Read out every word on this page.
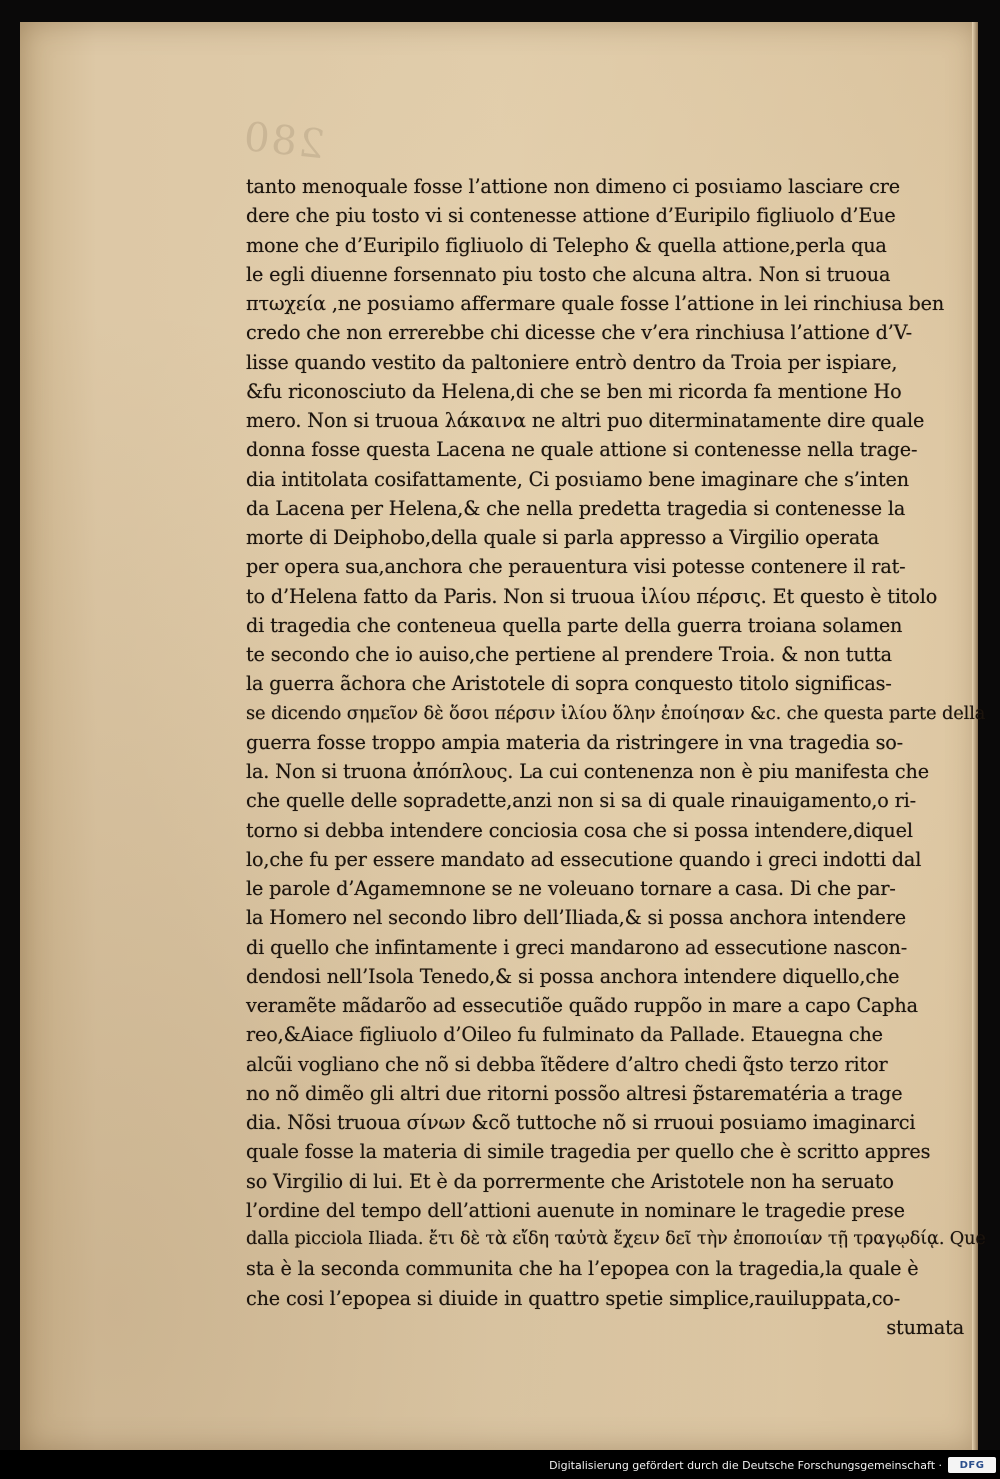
280
tanto menoquale fosse l’attione non dimeno ci posɩiamo lasciare cre
dere che piu tosto vi si contenesse attione d’Euripilo figliuolo d’Eue
mone che d’Euripilo figliuolo di Telepho & quella attione,perla qua
le egli diuenne forsennato piu tosto che alcuna altra. Non si truoua
πτωχεία ,ne posɩiamo affermare quale fosse l’attione in lei rinchiusa ben
credo che non errerebbe chi dicesse che v’era rinchiusa l’attione d’V-
lisse quando vestito da paltoniere entrò dentro da Troia per ispiare,
&fu riconosciuto da Helena,di che se ben mi ricorda fa mentione Ho
mero. Non si truoua λάκαινα ne altri puo diterminatamente dire quale
donna fosse questa Lacena ne quale attione si contenesse nella trage-
dia intitolata cosifattamente, Ci posɩiamo bene imaginare che s’inten
da Lacena per Helena,& che nella predetta tragedia si contenesse la
morte di Deiphobo,della quale si parla appresso a Virgilio operata
per opera sua,anchora che perauentura visi potesse contenere il rat-
to d’Helena fatto da Paris. Non si truoua ἰλίου πέρσις. Et questo è titolo
di tragedia che conteneua quella parte della guerra troiana solamen
te secondo che io auiso,che pertiene al prendere Troia. & non tutta
la guerra ãchora che Aristotele di sopra conquesto titolo significas-
se dicendo σημεῖον δὲ ὅσοι πέρσιν ἰλίου ὅλην ἐποίησαν &c. che questa parte della
guerra fosse troppo ampia materia da ristringere in vna tragedia so-
la. Non si truona ἀπόπλους. La cui contenenza non è piu manifesta che
che quelle delle sopradette,anzi non si sa di quale rinauigamento,o ri-
torno si debba intendere conciosia cosa che si possa intendere,diquel
lo,che fu per essere mandato ad essecutione quando i greci indotti dal
le parole d’Agamemnone se ne voleuano tornare a casa. Di che par-
la Homero nel secondo libro dell’Iliada,& si possa anchora intendere
di quello che infintamente i greci mandarono ad essecutione nascon-
dendosi nell’Isola Tenedo,& si possa anchora intendere diquello,che
veramẽte mãdarõo ad essecutiõe quãdo ruppõo in mare a capo Capha
reo,&Aiace figliuolo d’Oileo fu fulminato da Pallade. Etauegna che
alcũi vogliano che nõ si debba ĩtẽdere d’altro chedi q̃sto terzo ritor
no nõ dimẽo gli altri due ritorni possõo altresi p̃starematéria a trage
dia. Nõsi truoua σίνων &cõ tuttoche nõ si rruoui posɩiamo imaginarci
quale fosse la materia di simile tragedia per quello che è scritto appres
so Virgilio di lui. Et è da porrermente che Aristotele non ha seruato
l’ordine del tempo dell’attioni auenute in nominare le tragedie prese
dalla picciola Iliada. ἔτι δὲ τὰ εἴδη ταὐτὰ ἔχειν δεῖ τὴν ἐποποιίαν τῇ τραγῳδίᾳ. Que
sta è la seconda communita che ha l’epopea con la tragedia,la quale è
che cosi l’epopea si diuide in quattro spetie simplice,rauiluppata,co-
stumata
Digitalisierung gefördert durch die Deutsche Forschungsgemeinschaft · DFG
